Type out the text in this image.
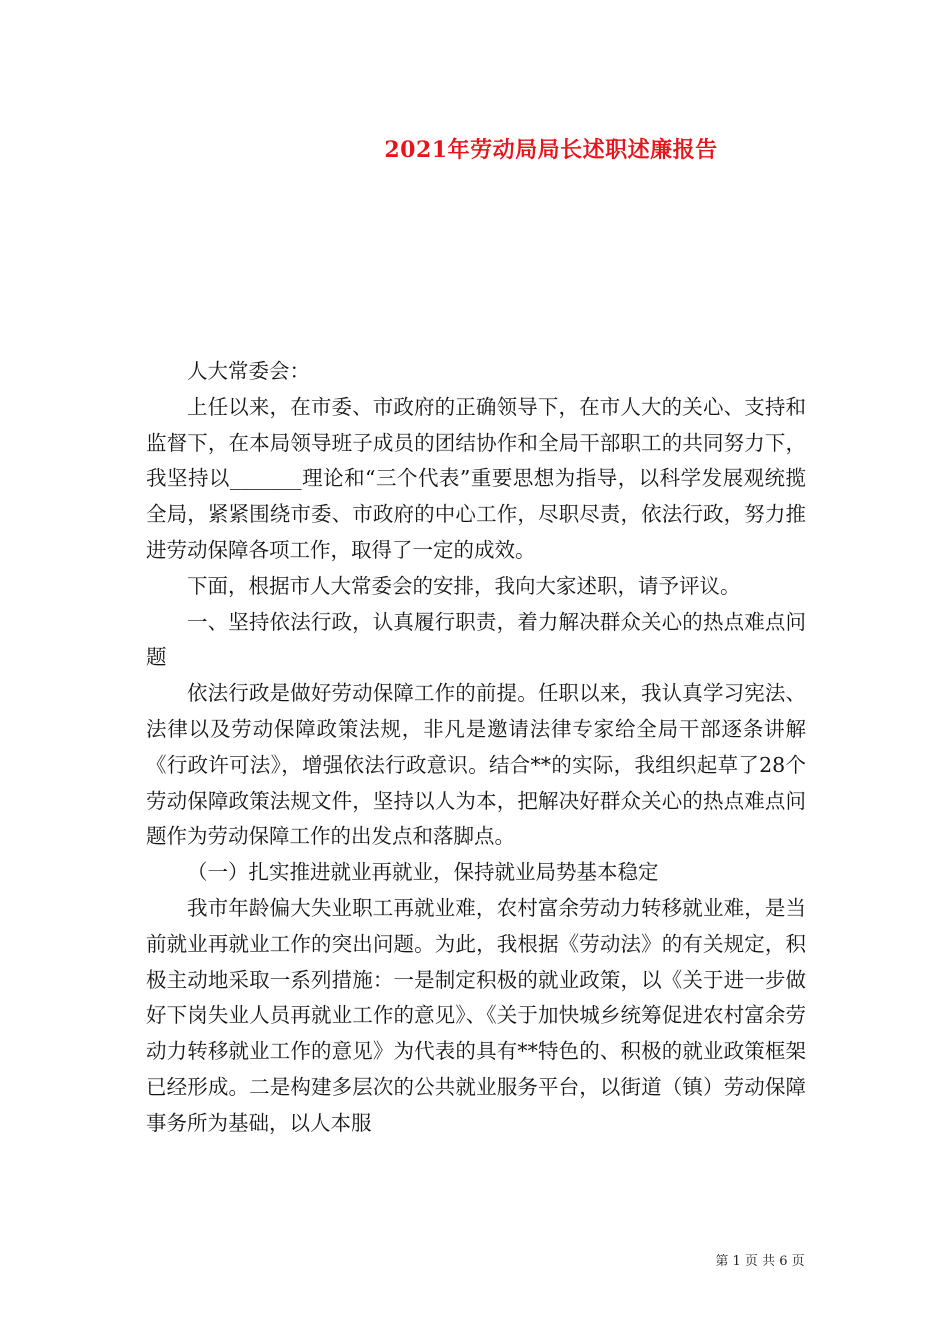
2021年劳动局局长述职述廉报告

人大常委会：

上任以来，在市委、市政府的正确领导下，在市人大的关心、支持和监督下，在本局领导班子成员的团结协作和全局干部职工的共同努力下，我坚持以_______理论和“三个代表”重要思想为指导，以科学发展观统揽全局，紧紧围绕市委、市政府的中心工作，尽职尽责，依法行政，努力推进劳动保障各项工作，取得了一定的成效。

下面，根据市人大常委会的安排，我向大家述职，请予评议。

一、坚持依法行政，认真履行职责，着力解决群众关心的热点难点问题

依法行政是做好劳动保障工作的前提。任职以来，我认真学习宪法、法律以及劳动保障政策法规，非凡是邀请法律专家给全局干部逐条讲解《行政许可法》，增强依法行政意识。结合**的实际，我组织起草了28个劳动保障政策法规文件，坚持以人为本，把解决好群众关心的热点难点问题作为劳动保障工作的出发点和落脚点。

（一）扎实推进就业再就业，保持就业局势基本稳定

我市年龄偏大失业职工再就业难，农村富余劳动力转移就业难，是当前就业再就业工作的突出问题。为此，我根据《劳动法》的有关规定，积极主动地采取一系列措施：一是制定积极的就业政策，以《关于进一步做好下岗失业人员再就业工作的意见》、《关于加快城乡统筹促进农村富余劳动力转移就业工作的意见》为代表的具有**特色的、积极的就业政策框架已经形成。二是构建多层次的公共就业服务平台，以街道（镇）劳动保障事务所为基础，以人本服

第 1 页 共 6 页
